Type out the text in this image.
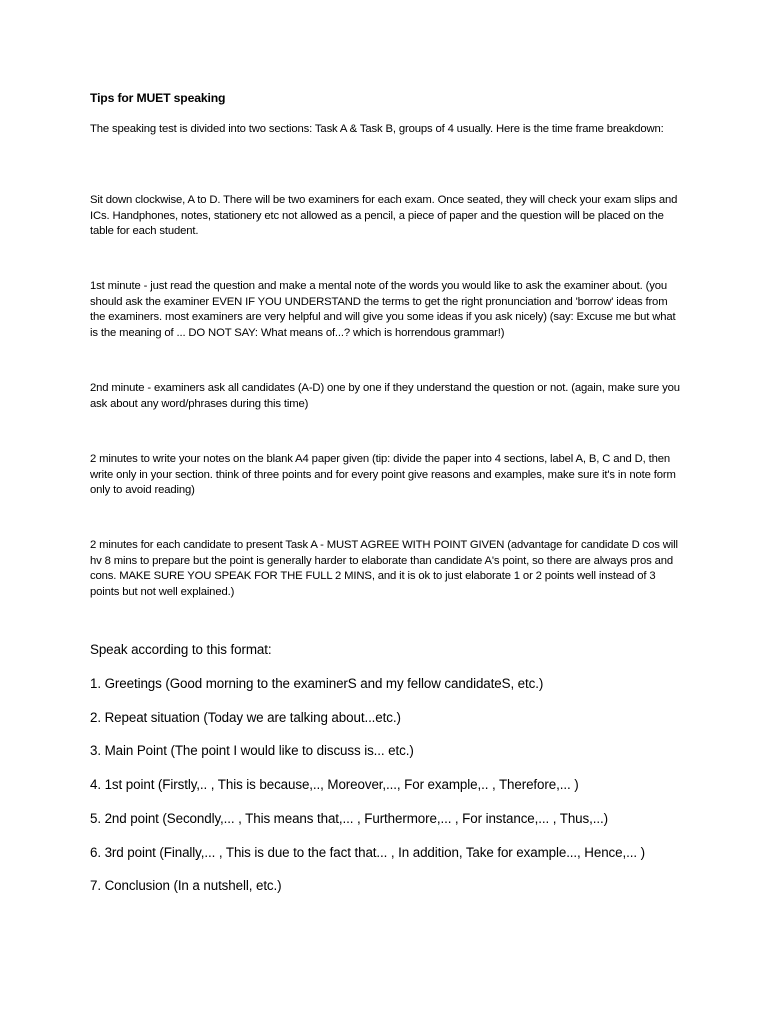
Tips for MUET speaking

The speaking test is divided into two sections: Task A & Task B, groups of 4 usually. Here is the time frame breakdown:

Sit down clockwise, A to D. There will be two examiners for each exam. Once seated, they will check your exam slips and ICs. Handphones, notes, stationery etc not allowed as a pencil, a piece of paper and the question will be placed on the table for each student.

1st minute - just read the question and make a mental note of the words you would like to ask the examiner about. (you should ask the examiner EVEN IF YOU UNDERSTAND the terms to get the right pronunciation and 'borrow' ideas from the examiners. most examiners are very helpful and will give you some ideas if you ask nicely) (say: Excuse me but what is the meaning of ... DO NOT SAY: What means of...? which is horrendous grammar!)

2nd minute - examiners ask all candidates (A-D) one by one if they understand the question or not. (again, make sure you ask about any word/phrases during this time)

2 minutes to write your notes on the blank A4 paper given (tip: divide the paper into 4 sections, label A, B, C and D, then write only in your section. think of three points and for every point give reasons and examples, make sure it's in note form only to avoid reading)

2 minutes for each candidate to present Task A - MUST AGREE WITH POINT GIVEN (advantage for candidate D cos will hv 8 mins to prepare but the point is generally harder to elaborate than candidate A's point, so there are always pros and cons. MAKE SURE YOU SPEAK FOR THE FULL 2 MINS, and it is ok to just elaborate 1 or 2 points well instead of 3 points but not well explained.)

Speak according to this format:

1. Greetings (Good morning to the examinerS and my fellow candidateS, etc.)

2. Repeat situation (Today we are talking about...etc.)

3. Main Point (The point I would like to discuss is... etc.)

4. 1st point (Firstly,.. , This is because,.., Moreover,..., For example,.. , Therefore,... )

5. 2nd point (Secondly,... , This means that,... , Furthermore,... , For instance,... , Thus,...)

6. 3rd point (Finally,... , This is due to the fact that... , In addition, Take for example..., Hence,... )

7. Conclusion (In a nutshell, etc.)
